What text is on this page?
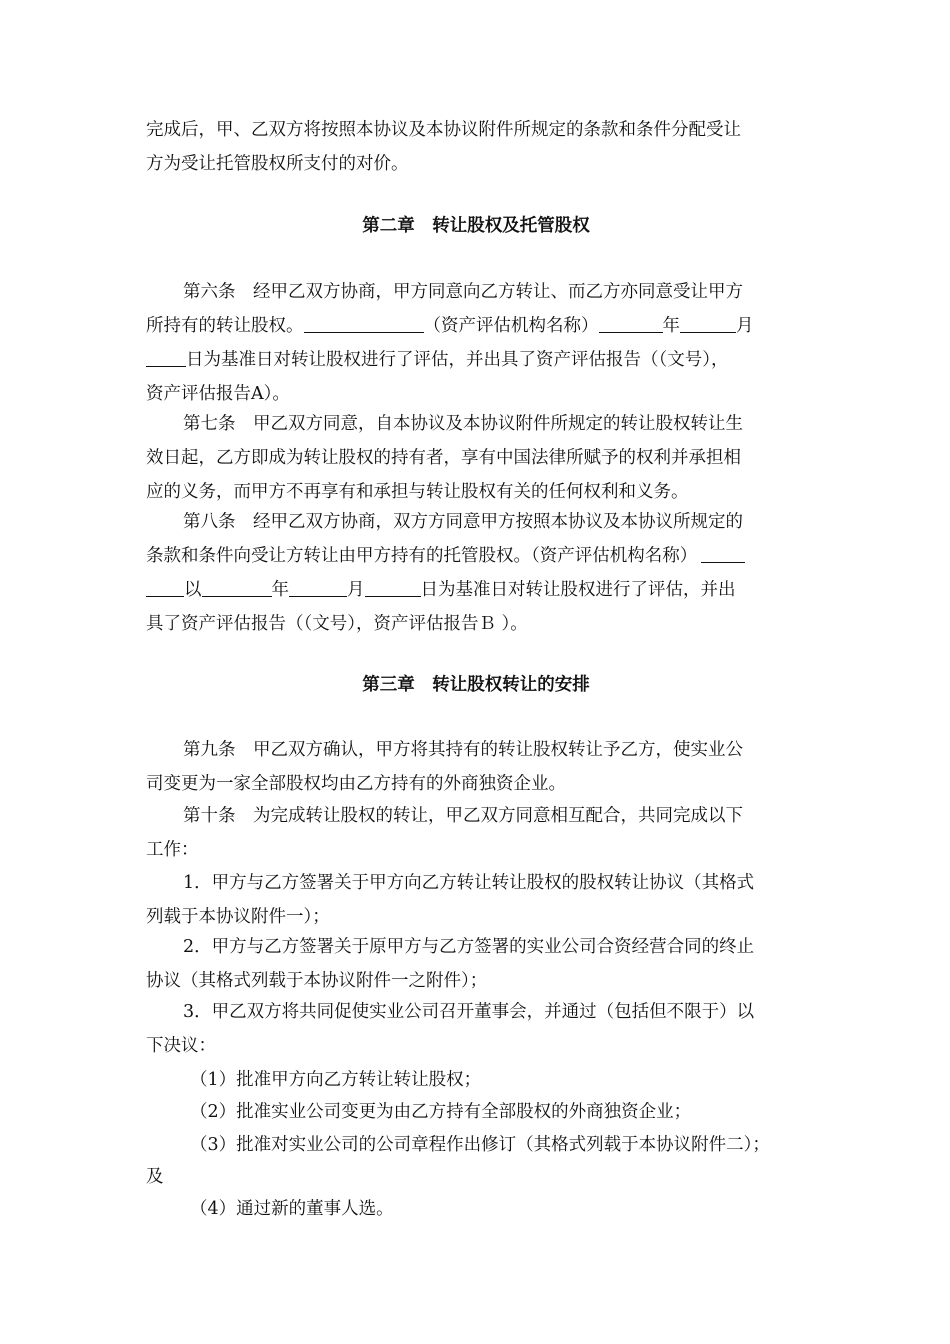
完成后，甲、乙双方将按照本协议及本协议附件所规定的条款和条件分配受让
方为受让托管股权所支付的对价。
第二章　转让股权及托管股权
第六条　经甲乙双方协商，甲方同意向乙方转让、而乙方亦同意受让甲方
所持有的转让股权。	（资产评估机构名称）	年	月
日为基准日对转让股权进行了评估，并出具了资产评估报告（（文号），
资产评估报告A）。
第七条　甲乙双方同意，自本协议及本协议附件所规定的转让股权转让生
效日起，乙方即成为转让股权的持有者，享有中国法律所赋予的权利并承担相
应的义务，而甲方不再享有和承担与转让股权有关的任何权利和义务。
第八条　经甲乙双方协商，双方方同意甲方按照本协议及本协议所规定的
条款和条件向受让方转让由甲方持有的托管股权。（资产评估机构名称）
以	年	月	日为基准日对转让股权进行了评估，并出
具了资产评估报告（（文号），资产评估报告Ｂ ）。
第三章　转让股权转让的安排
第九条　甲乙双方确认，甲方将其持有的转让股权转让予乙方，使实业公
司变更为一家全部股权均由乙方持有的外商独资企业。
第十条　为完成转让股权的转让，甲乙双方同意相互配合，共同完成以下
工作：
1．甲方与乙方签署关于甲方向乙方转让转让股权的股权转让协议（其格式
列载于本协议附件一）；
2．甲方与乙方签署关于原甲方与乙方签署的实业公司合资经营合同的终止
协议（其格式列载于本协议附件一之附件）；
3．甲乙双方将共同促使实业公司召开董事会，并通过（包括但不限于）以
下决议：
（1）批准甲方向乙方转让转让股权；
（2）批准实业公司变更为由乙方持有全部股权的外商独资企业；
（3）批准对实业公司的公司章程作出修订（其格式列载于本协议附件二）；
及
（4）通过新的董事人选。
